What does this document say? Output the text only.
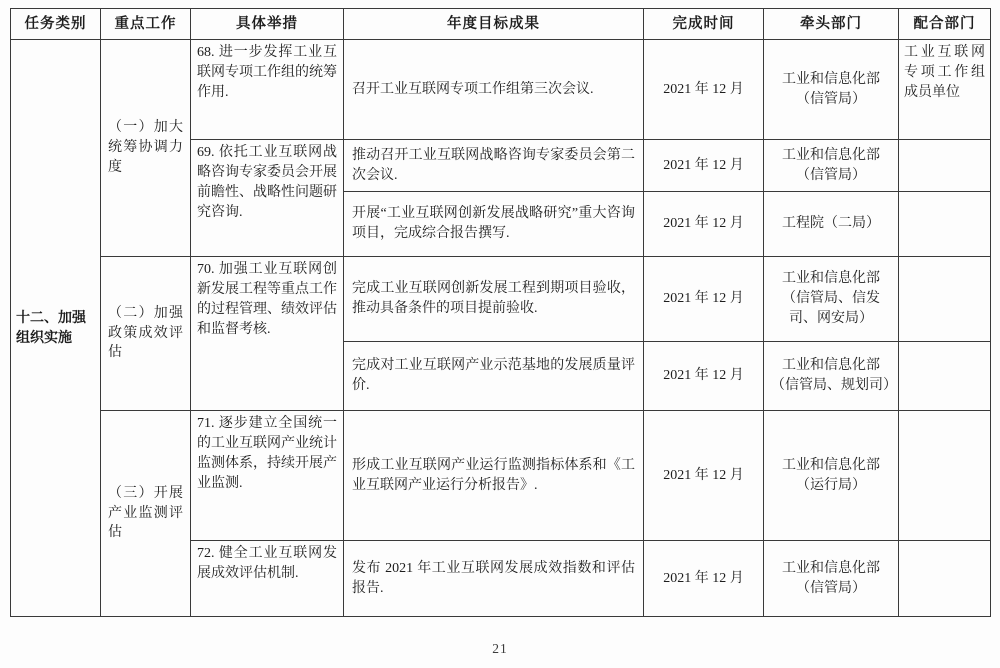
任务类别	重点工作	具体举措	年度目标成果	完成时间	牵头部门	配合部门
十二、加强组织实施	（一）加大统筹协调力度	68. 进一步发挥工业互联网专项工作组的统筹作用.	召开工业互联网专项工作组第三次会议.	2021 年 12 月	工业和信息化部（信管局）	工业互联网专项工作组成员单位
		69. 依托工业互联网战略咨询专家委员会开展前瞻性、战略性问题研究咨询.	推动召开工业互联网战略咨询专家委员会第二次会议.	2021 年 12 月	工业和信息化部（信管局）	
			开展“工业互联网创新发展战略研究”重大咨询项目，完成综合报告撰写.	2021 年 12 月	工程院（二局）	
	（二）加强政策成效评估	70. 加强工业互联网创新发展工程等重点工作的过程管理、绩效评估和监督考核.	完成工业互联网创新发展工程到期项目验收，推动具备条件的项目提前验收.	2021 年 12 月	工业和信息化部（信管局、信发司、网安局）	
			完成对工业互联网产业示范基地的发展质量评价.	2021 年 12 月	工业和信息化部（信管局、规划司）	
	（三）开展产业监测评估	71. 逐步建立全国统一的工业互联网产业统计监测体系，持续开展产业监测.	形成工业互联网产业运行监测指标体系和《工业互联网产业运行分析报告》.	2021 年 12 月	工业和信息化部（运行局）	
		72. 健全工业互联网发展成效评估机制.	发布 2021 年工业互联网发展成效指数和评估报告.	2021 年 12 月	工业和信息化部（信管局）	
21
